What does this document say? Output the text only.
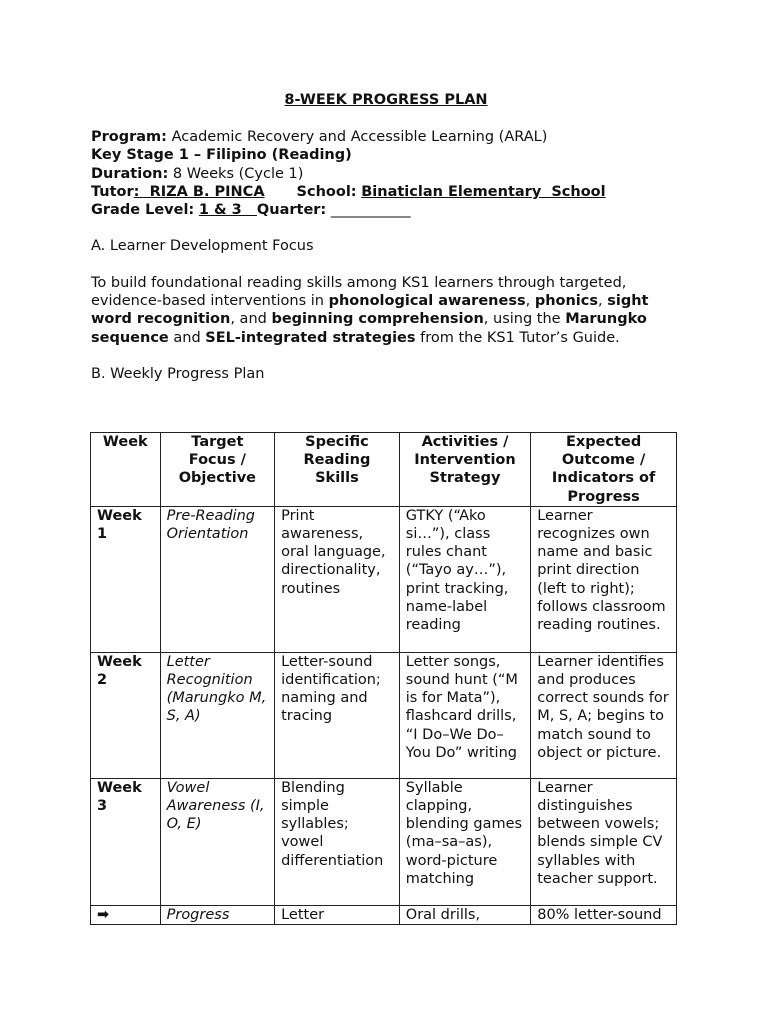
8-WEEK PROGRESS PLAN
Program: Academic Recovery and Accessible Learning (ARAL)
Key Stage 1 – Filipino (Reading)
Duration: 8 Weeks (Cycle 1)
Tutor:  RIZA B. PINCA School: Binaticlan Elementary  School
Grade Level: 1 & 3   Quarter: ___________
A. Learner Development Focus

To build foundational reading skills among KS1 learners through targeted, evidence-based interventions in phonological awareness, phonics, sight word recognition, and beginning comprehension, using the Marungko sequence and SEL-integrated strategies from the KS1 Tutor’s Guide.

B. Weekly Progress Plan
Week	Target Focus / Objective	Specific Reading Skills	Activities / Intervention Strategy	Expected Outcome / Indicators of Progress
Week 1	Pre-Reading Orientation	Print awareness, oral language, directionality, routines	GTKY (“Ako si…”), class rules chant (“Tayo ay…”), print tracking, name-label reading	Learner recognizes own name and basic print direction (left to right); follows classroom reading routines.
Week 2	Letter Recognition (Marungko M, S, A)	Letter-sound identification; naming and tracing	Letter songs, sound hunt (“M is for Mata”), flashcard drills, “I Do–We Do–You Do” writing	Learner identifies and produces correct sounds for M, S, A; begins to match sound to object or picture.
Week 3	Vowel Awareness (I, O, E)	Blending simple syllables; vowel differentiation	Syllable clapping, blending games (ma–sa–as), word-picture matching	Learner distinguishes between vowels; blends simple CV syllables with teacher support.
➡	Progress	Letter	Oral drills,	80% letter-sound
